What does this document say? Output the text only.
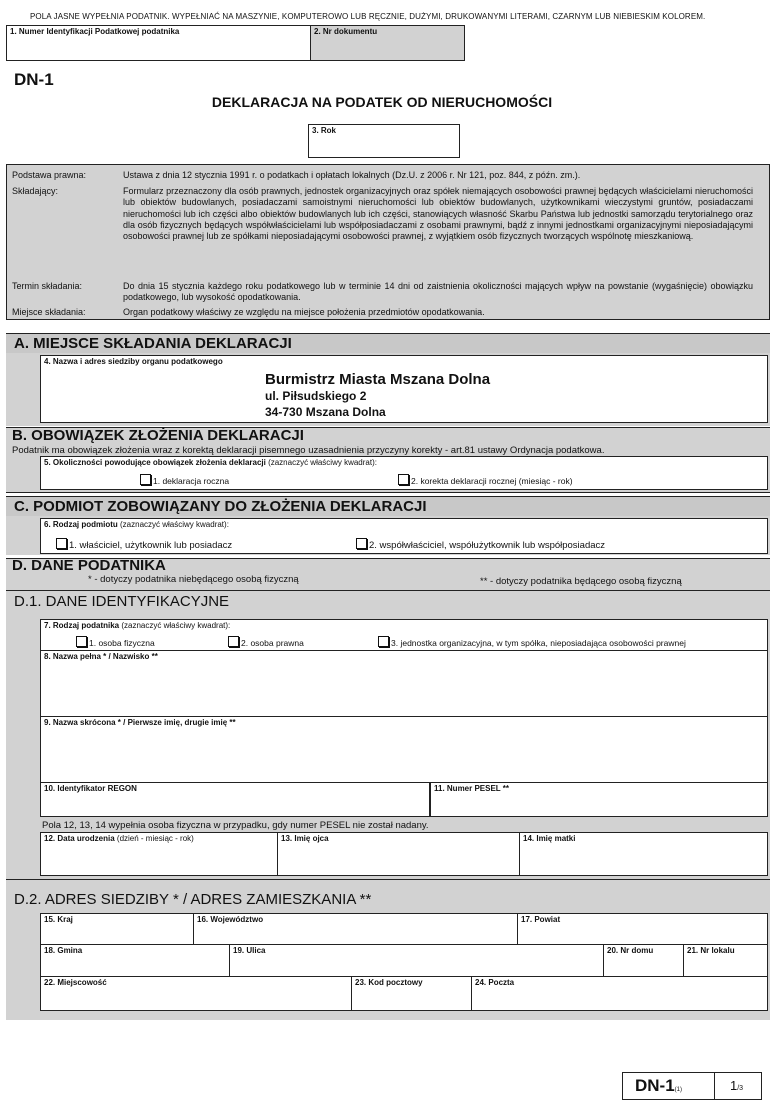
POLA JASNE WYPEŁNIA PODATNIK. WYPEŁNIAĆ NA MASZYNIE, KOMPUTEROWO LUB RĘCZNIE, DUŻYMI, DRUKOWANYMI LITERAMI, CZARNYM LUB NIEBIESKIM KOLOREM.
1. Numer Identyfikacji Podatkowej podatnika	2. Nr dokumentu
DN-1
DEKLARACJA NA PODATEK OD NIERUCHOMOŚCI
3. Rok
Podstawa prawna:	Ustawa z dnia 12 stycznia 1991 r. o podatkach i opłatach lokalnych (Dz.U. z 2006 r. Nr 121, poz. 844, z późn. zm.).
Składający:	Formularz przeznaczony dla osób prawnych, jednostek organizacyjnych oraz spółek niemających osobowości prawnej będących właścicielami nieruchomości lub obiektów budowlanych, posiadaczami samoistnymi nieruchomości lub obiektów budowlanych, użytkownikami wieczystymi gruntów, posiadaczami nieruchomości lub ich części albo obiektów budowlanych lub ich części, stanowiących własność Skarbu Państwa lub jednostki samorządu terytorialnego oraz dla osób fizycznych będących współwłaścicielami lub współposiadaczami z osobami prawnymi, bądź z innymi jednostkami organizacyjnymi nieposiadającymi osobowości prawnej lub ze spółkami nieposiadającymi osobowości prawnej, z wyjątkiem osób fizycznych tworzących wspólnotę mieszkaniową.
Termin składania:	Do dnia 15 stycznia każdego roku podatkowego lub w terminie 14 dni od zaistnienia okoliczności mających wpływ na powstanie (wygaśnięcie) obowiązku podatkowego, lub wysokość opodatkowania.
Miejsce składania:	Organ podatkowy właściwy ze względu na miejsce położenia przedmiotów opodatkowania.
A. MIEJSCE SKŁADANIA DEKLARACJI
4. Nazwa i adres siedziby organu podatkowego
Burmistrz Miasta Mszana Dolna
ul. Piłsudskiego 2
34-730 Mszana Dolna
B. OBOWIĄZEK ZŁOŻENIA DEKLARACJI
Podatnik ma obowiązek złożenia wraz z korektą deklaracji pisemnego uzasadnienia przyczyny korekty - art.81 ustawy Ordynacja podatkowa.
5. Okoliczności powodujące obowiązek złożenia deklaracji (zaznaczyć właściwy kwadrat):
1. deklaracja roczna	2. korekta deklaracji rocznej (miesiąc - rok)
C. PODMIOT ZOBOWIĄZANY DO ZŁOŻENIA DEKLARACJI
6. Rodzaj podmiotu (zaznaczyć właściwy kwadrat):
1. właściciel, użytkownik lub posiadacz	2. współwłaściciel, współużytkownik lub współposiadacz
D. DANE PODATNIKA
* - dotyczy podatnika niebędącego osobą fizyczną	** - dotyczy podatnika będącego osobą fizyczną
D.1. DANE IDENTYFIKACYJNE
7. Rodzaj podatnika (zaznaczyć właściwy kwadrat):
1. osoba fizyczna	2. osoba prawna	3. jednostka organizacyjna, w tym spółka, nieposiadająca osobowości prawnej
8. Nazwa pełna * / Nazwisko **
9. Nazwa skrócona * / Pierwsze imię, drugie imię **
10. Identyfikator REGON	11. Numer PESEL **
Pola 12, 13, 14 wypełnia osoba fizyczna w przypadku, gdy numer PESEL nie został nadany.
12. Data urodzenia (dzień - miesiąc - rok)	13. Imię ojca	14. Imię matki
D.2. ADRES SIEDZIBY * / ADRES ZAMIESZKANIA **
15. Kraj	16. Województwo	17. Powiat
18. Gmina	19. Ulica	20. Nr domu	21. Nr lokalu
22. Miejscowość	23. Kod pocztowy	24. Poczta
DN-1(1)	1/3
